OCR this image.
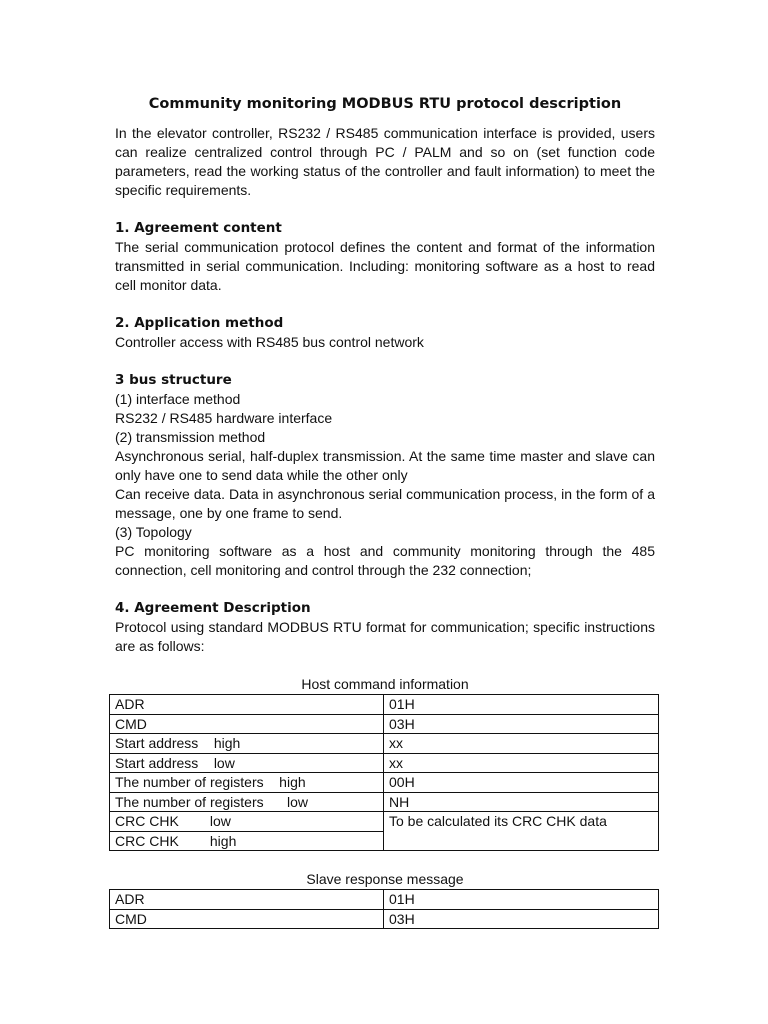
Community monitoring MODBUS RTU protocol description

In the elevator controller, RS232 / RS485 communication interface is provided, users can realize centralized control through PC / PALM and so on (set function code parameters, read the working status of the controller and fault information) to meet the specific requirements.

1. Agreement content

The serial communication protocol defines the content and format of the information transmitted in serial communication. Including: monitoring software as a host to read cell monitor data.

2. Application method

Controller access with RS485 bus control network

3 bus structure

(1) interface method

RS232 / RS485 hardware interface

(2) transmission method

Asynchronous serial, half-duplex transmission. At the same time master and slave can only have one to send data while the other only

Can receive data. Data in asynchronous serial communication process, in the form of a message, one by one frame to send.

(3) Topology

PC monitoring software as a host and community monitoring through the 485 connection, cell monitoring and control through the 232 connection;

4. Agreement Description

Protocol using standard MODBUS RTU format for communication; specific instructions are as follows:

Host command information
ADR	01H
CMD	03H
Start address    high	xx
Start address    low	xx
The number of registers    high	00H
The number of registers      low	NH
CRC CHK        low	To be calculated its CRC CHK data
CRC CHK        high	
Slave response message
ADR	01H
CMD	03H
